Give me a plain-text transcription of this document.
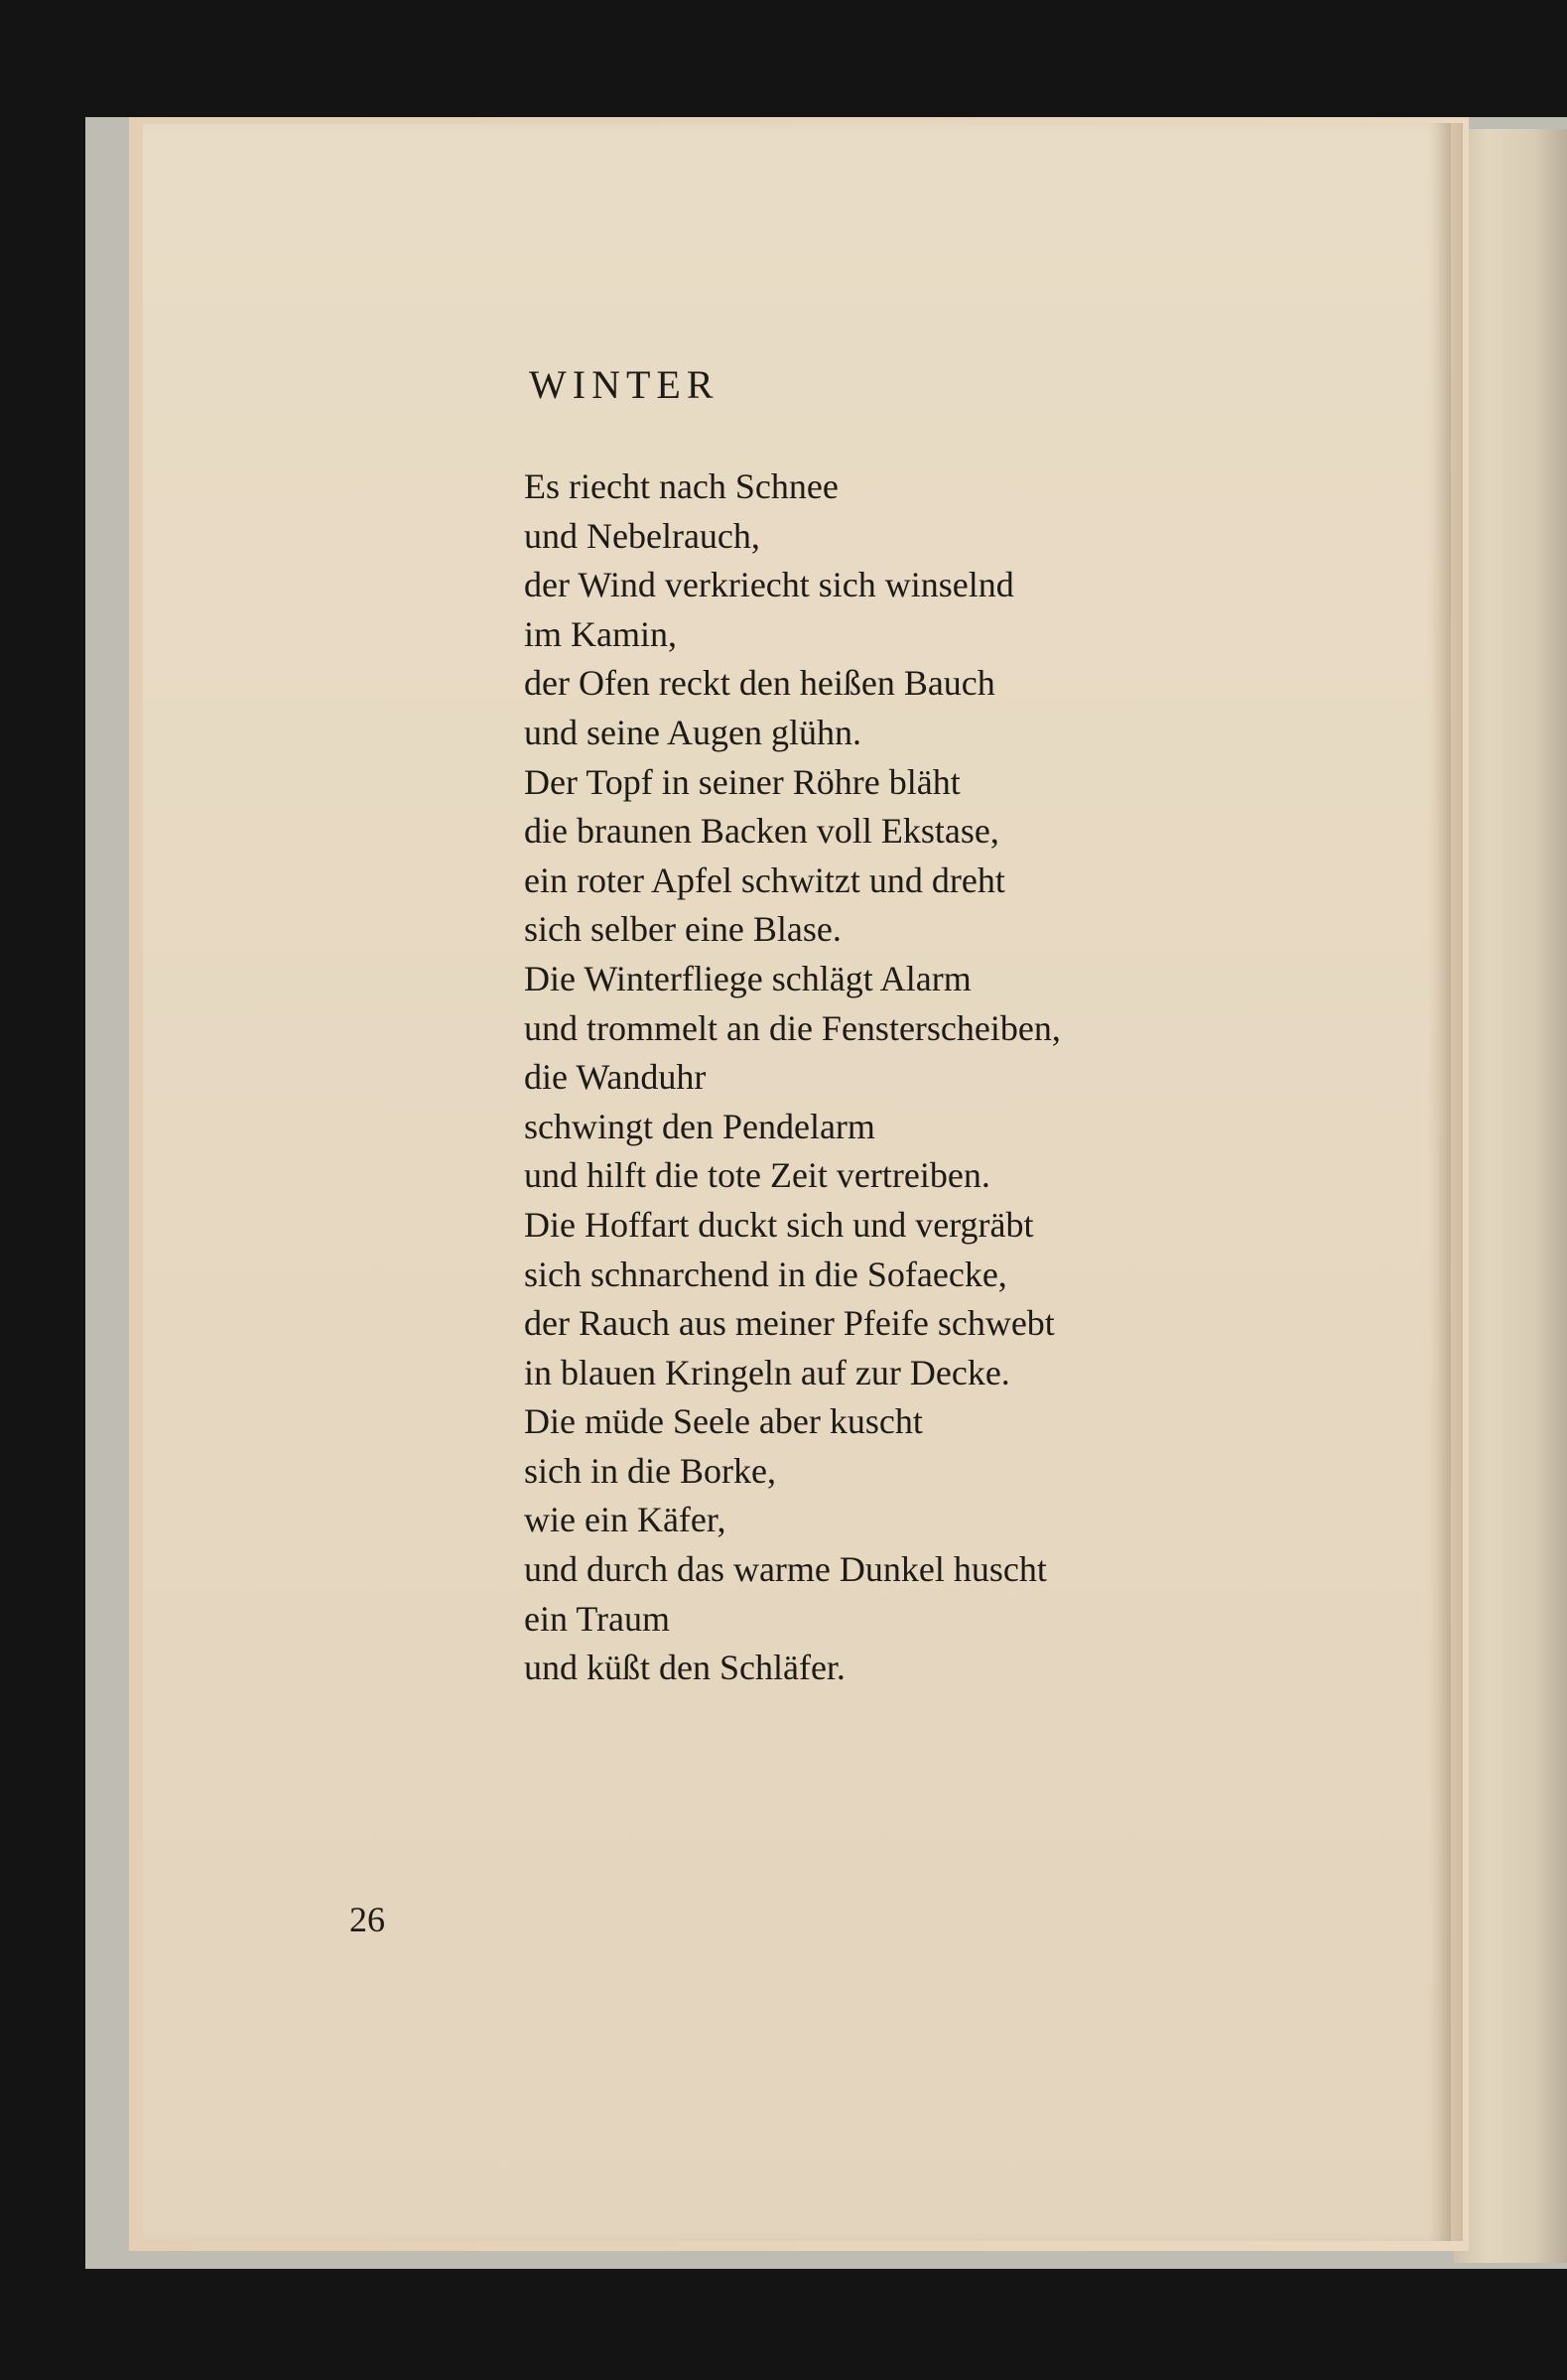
WINTER
Es riecht nach Schnee
und Nebelrauch,
der Wind verkriecht sich winselnd
im Kamin,
der Ofen reckt den heißen Bauch
und seine Augen glühn.
Der Topf in seiner Röhre bläht
die braunen Backen voll Ekstase,
ein roter Apfel schwitzt und dreht
sich selber eine Blase.
Die Winterfliege schlägt Alarm
und trommelt an die Fensterscheiben,
die Wanduhr
schwingt den Pendelarm
und hilft die tote Zeit vertreiben.
Die Hoffart duckt sich und vergräbt
sich schnarchend in die Sofaecke,
der Rauch aus meiner Pfeife schwebt
in blauen Kringeln auf zur Decke.
Die müde Seele aber kuscht
sich in die Borke,
wie ein Käfer,
und durch das warme Dunkel huscht
ein Traum
und küßt den Schläfer.
26
